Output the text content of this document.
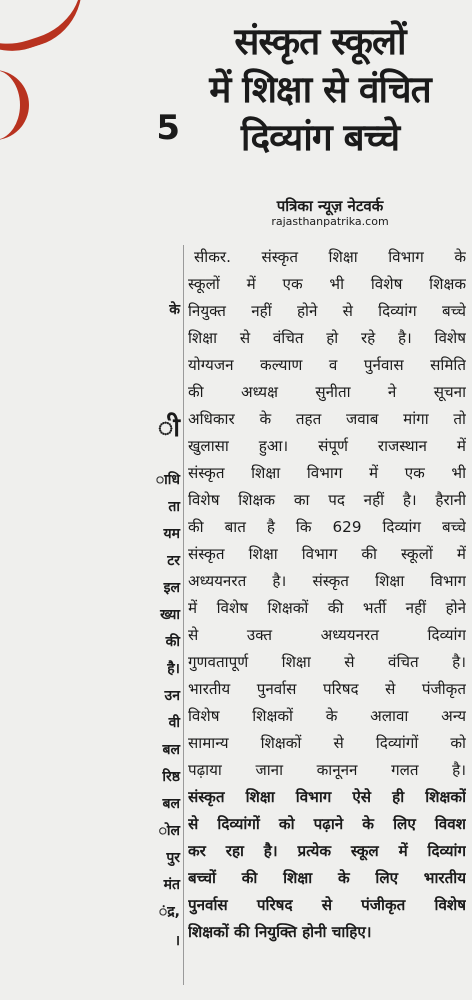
संस्कृत स्कूलों
में शिक्षा से वंचित
दिव्यांग बच्चे
पत्रिका न्यूज़ नेटवर्क
rajasthanpatrika.com
5
के
ी
ाधि
ता
यम
टर
इल
ख्या
की
है।
उन
वी
बल
रिष्ठ
बल
ोल
पुर
मंत
ंद्र,
।
सीकर. संस्कृत शिक्षा विभाग के
स्कूलों में एक भी विशेष शिक्षक
नियुक्त नहीं होने से दिव्यांग बच्चे
शिक्षा से वंचित हो रहे है। विशेष
योग्यजन कल्याण व पुर्नवास समिति
की अध्यक्ष सुनीता ने सूचना
अधिकार के तहत जवाब मांगा तो
खुलासा हुआ। संपूर्ण राजस्थान में
संस्कृत शिक्षा विभाग में एक भी
विशेष शिक्षक का पद नहीं है। हैरानी
की बात है कि 629 दिव्यांग बच्चे
संस्कृत शिक्षा विभाग की स्कूलों में
अध्ययनरत है। संस्कृत शिक्षा विभाग
में विशेष शिक्षकों की भर्ती नहीं होने
से उक्त अध्ययनरत दिव्यांग
गुणवतापूर्ण शिक्षा से वंचित है।
भारतीय पुनर्वास परिषद से पंजीकृत
विशेष शिक्षकों के अलावा अन्य
सामान्य शिक्षकों से दिव्यांगों को
पढ़ाया जाना कानूनन गलत है।
संस्कृत शिक्षा विभाग ऐसे ही शिक्षकों
से दिव्यांगों को पढ़ाने के लिए विवश
कर रहा है। प्रत्येक स्कूल में दिव्यांग
बच्चों की शिक्षा के लिए भारतीय
पुनर्वास परिषद से पंजीकृत विशेष
शिक्षकों की नियुक्ति होनी चाहिए।
